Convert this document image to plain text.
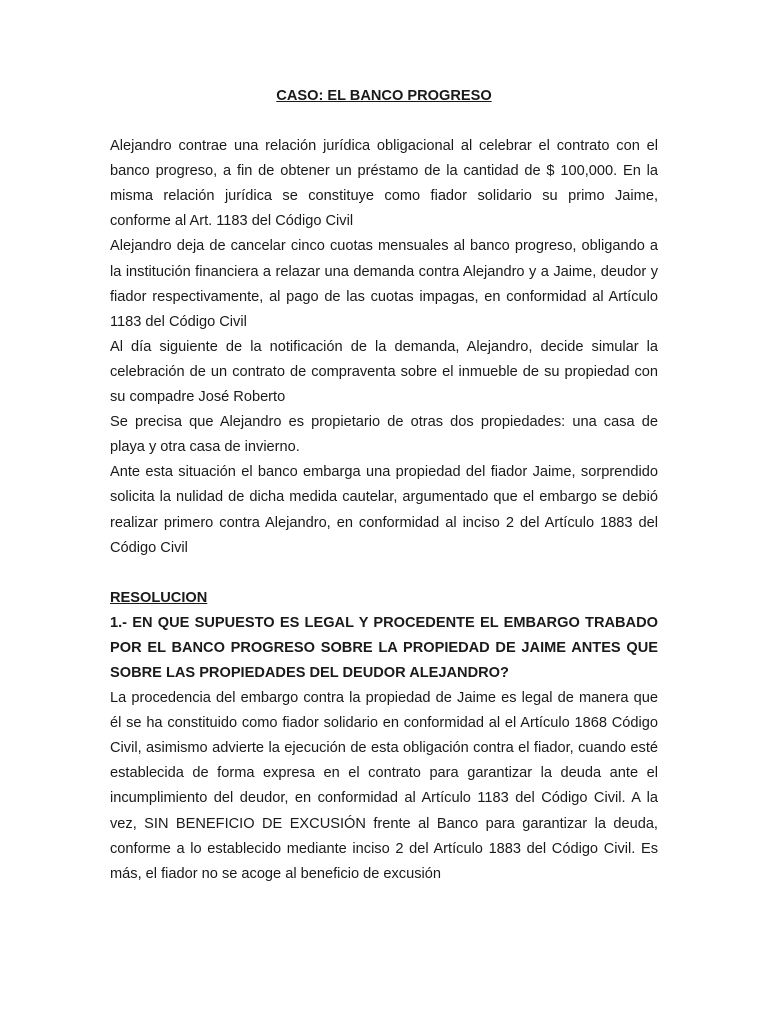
CASO: EL BANCO PROGRESO

Alejandro contrae una relación jurídica obligacional al celebrar el contrato con el banco progreso, a fin de obtener un préstamo de la cantidad de $ 100,000. En la misma relación jurídica se constituye como fiador solidario su primo Jaime, conforme al Art. 1183 del Código Civil

Alejandro deja de cancelar cinco cuotas mensuales al banco progreso, obligando a la institución financiera a relazar una demanda contra Alejandro y a Jaime, deudor y fiador respectivamente, al pago de las cuotas impagas, en conformidad al Artículo 1183 del Código Civil

Al día siguiente de la notificación de la demanda, Alejandro, decide simular la celebración de un contrato de compraventa sobre el inmueble de su propiedad con su compadre José Roberto

Se precisa que Alejandro es propietario de otras dos propiedades: una casa de playa y otra casa de invierno.

Ante esta situación el banco embarga una propiedad del fiador Jaime, sorprendido solicita la nulidad de dicha medida cautelar, argumentado que el embargo se debió realizar primero contra Alejandro, en conformidad al inciso 2 del Artículo 1883 del Código Civil

RESOLUCION

1.- EN QUE SUPUESTO ES LEGAL Y PROCEDENTE EL EMBARGO TRABADO POR EL BANCO PROGRESO SOBRE LA PROPIEDAD DE JAIME ANTES QUE SOBRE LAS PROPIEDADES DEL DEUDOR ALEJANDRO?

La procedencia del embargo contra la propiedad de Jaime es legal de manera que él se ha constituido como fiador solidario en conformidad al el Artículo 1868 Código Civil, asimismo advierte la ejecución de esta obligación contra el fiador, cuando esté establecida de forma expresa en el contrato para garantizar la deuda ante el incumplimiento del deudor, en conformidad al Artículo 1183 del Código Civil. A la vez, SIN BENEFICIO DE EXCUSIÓN frente al Banco para garantizar la deuda, conforme a lo establecido mediante inciso 2 del Artículo 1883 del Código Civil. Es más, el fiador no se acoge al beneficio de excusión
